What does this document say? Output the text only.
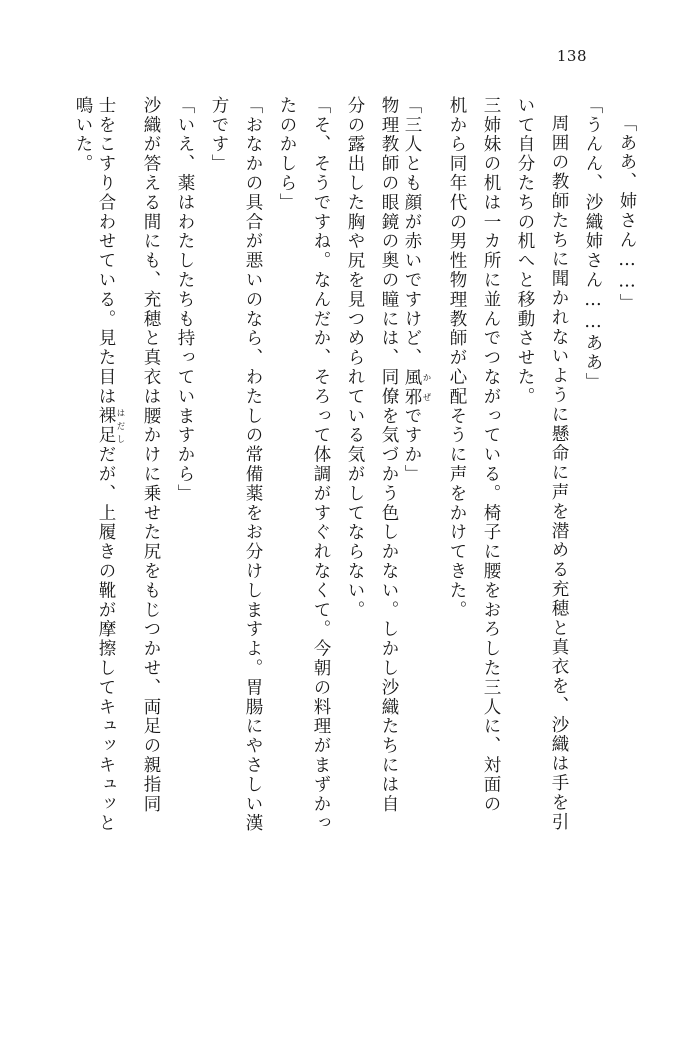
138
「ああ、姉さん……」
「うんん、沙織姉さん……ああ」
周囲の教師たちに聞かれないように懸命に声を潜める充穂と真衣を、沙織は手を引
いて自分たちの机へと移動させた。
三姉妹の机は一カ所に並んでつながっている。椅子に腰をおろした三人に、対面の
机から同年代の男性物理教師が心配そうに声をかけてきた。
「三人とも顔が赤いですけど、風邪 かぜですか」
物理教師の眼鏡の奥の瞳には、同僚を気づかう色しかない。しかし沙織たちには自
分の露出した胸や尻を見つめられている気がしてならない。
「そ、そうですね。なんだか、そろって体調がすぐれなくて。今朝の料理がまずかっ
たのかしら」
「おなかの具合が悪いのなら、わたしの常備薬をお分けしますよ。胃腸にやさしい漢
方です」
「いえ、薬はわたしたちも持っていますから」
沙織が答える間にも、充穂と真衣は腰かけに乗せた尻をもじつかせ、両足の親指同
士をこすり合わせている。見た目は裸足 はだしだが、上履きの靴が摩擦してキュッキュッと
鳴いた。
